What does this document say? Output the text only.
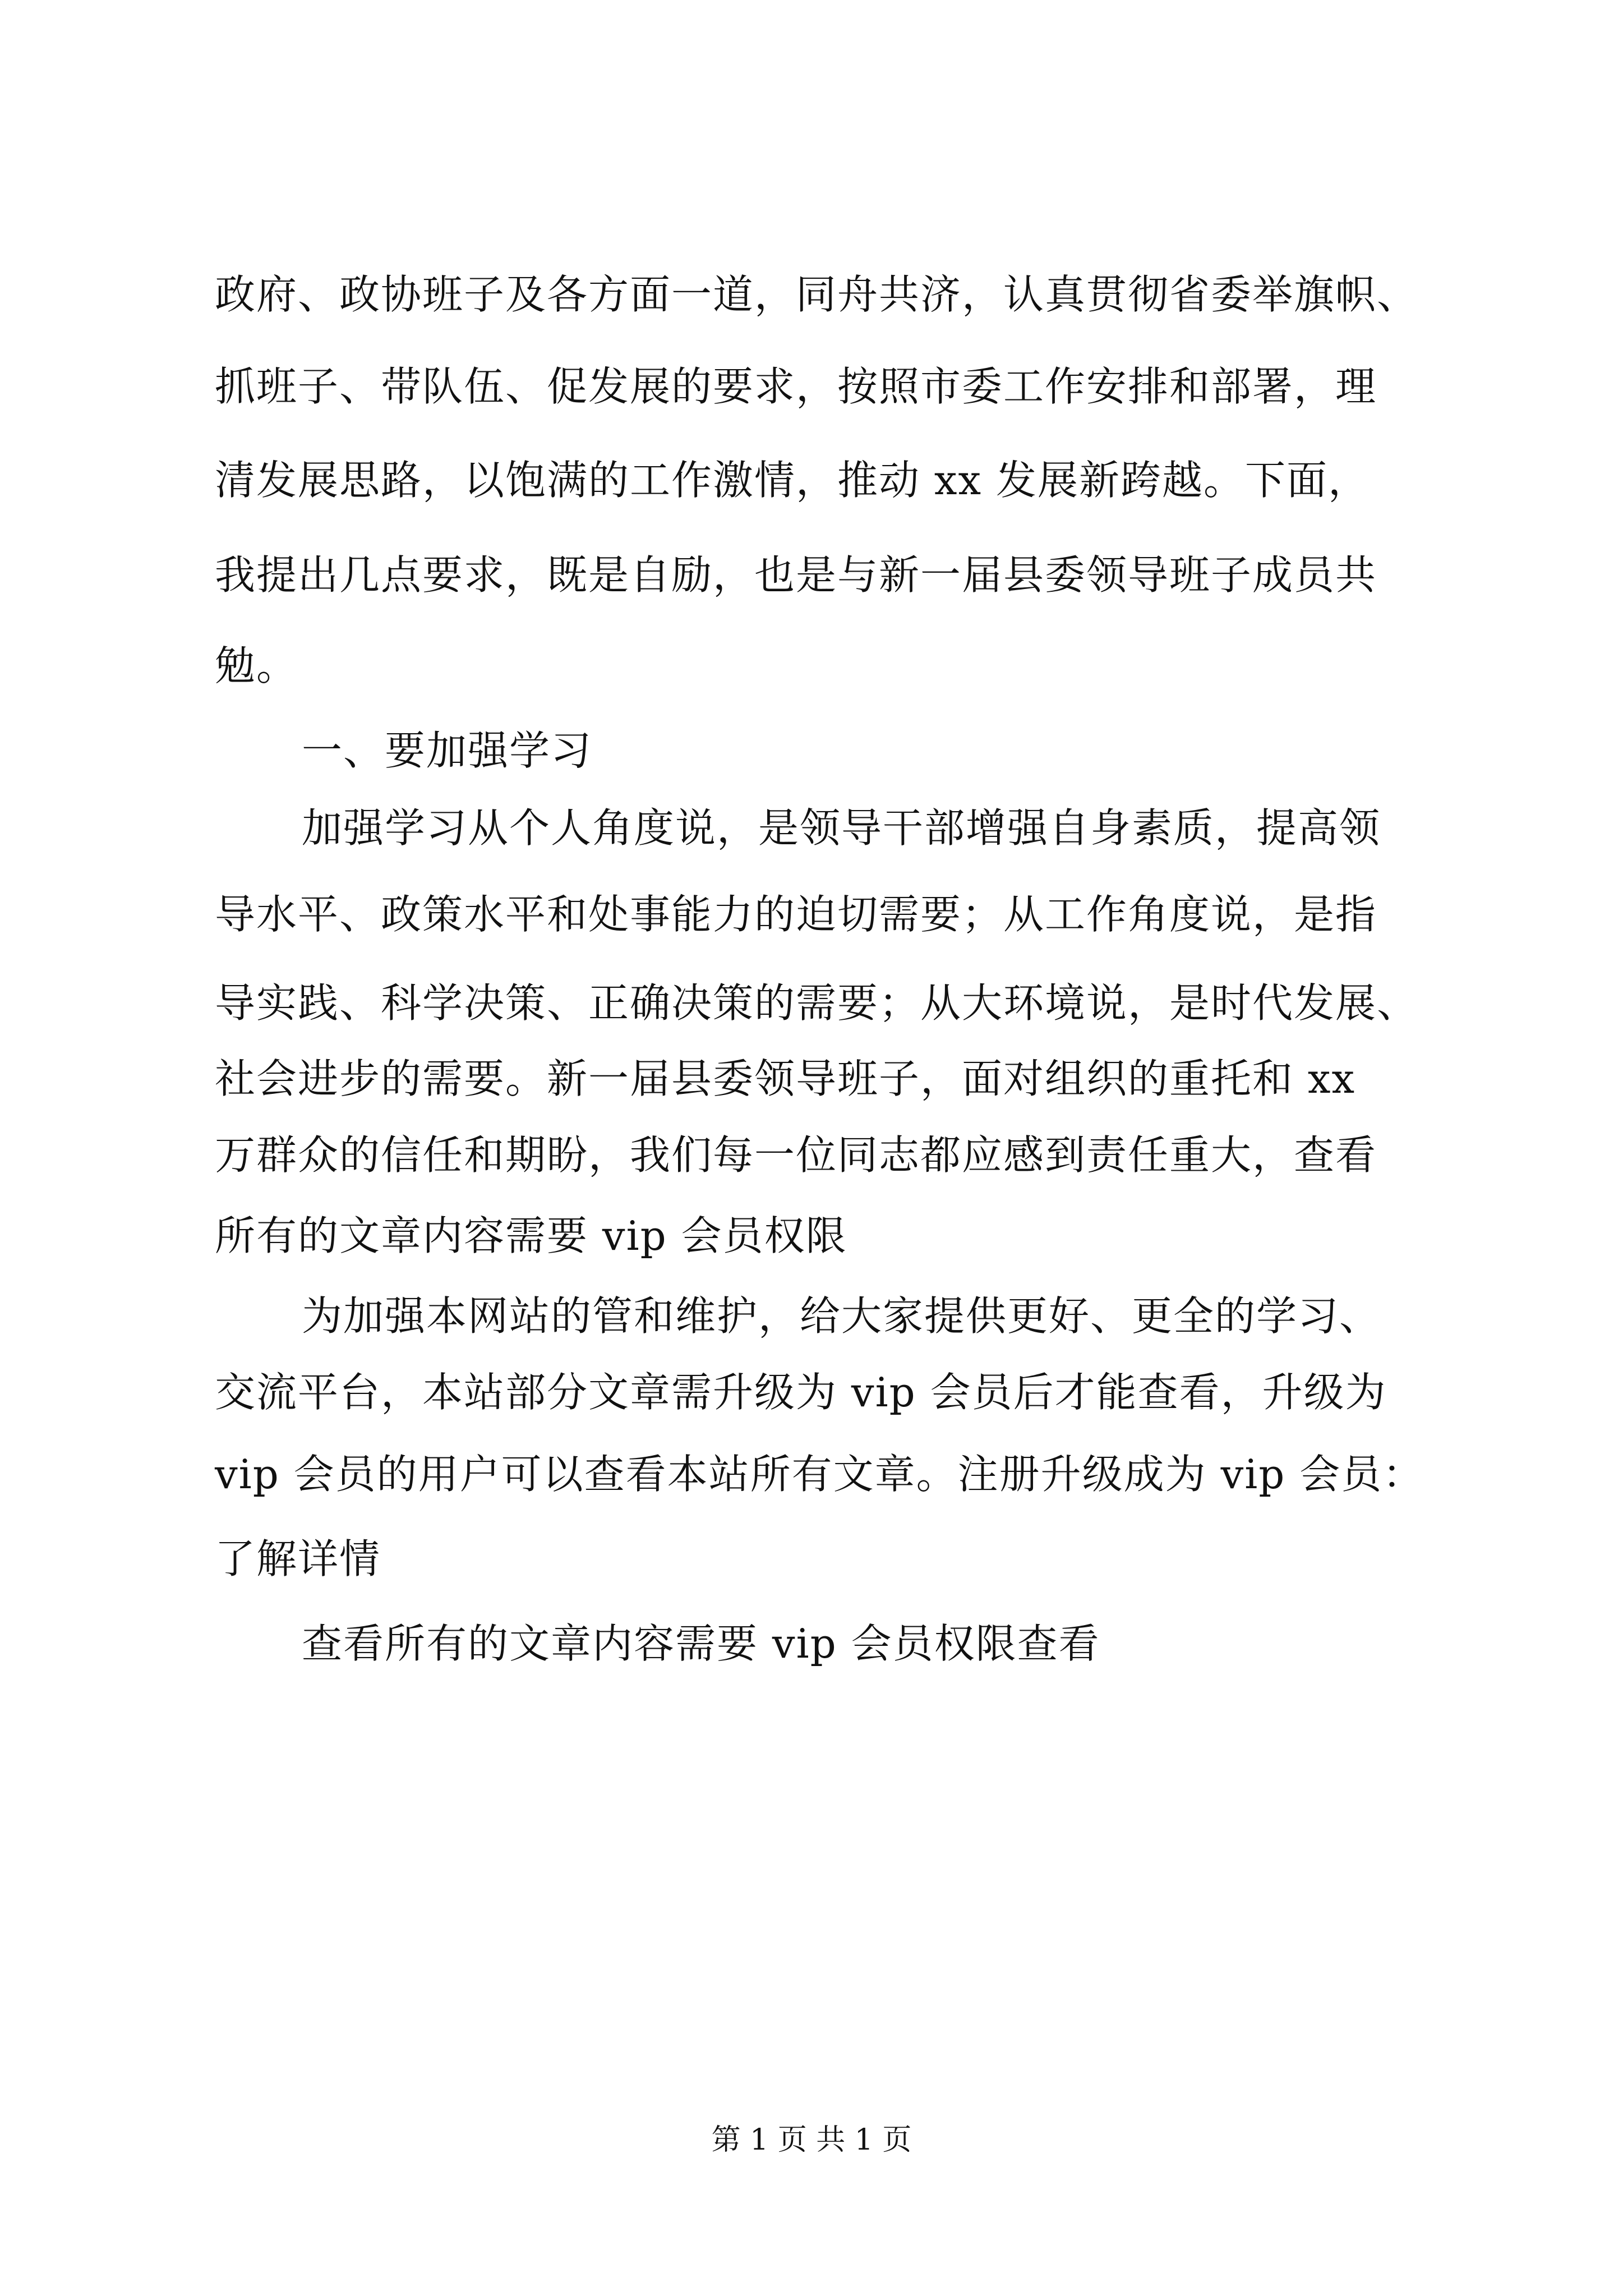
政府、政协班子及各方面一道，同舟共济，认真贯彻省委举旗帜、
抓班子、带队伍、促发展的要求，按照市委工作安排和部署，理
清发展思路，以饱满的工作激情，推动 xx 发展新跨越。下面，
我提出几点要求，既是自励，也是与新一届县委领导班子成员共
勉。
一、要加强学习
加强学习从个人角度说，是领导干部增强自身素质，提高领
导水平、政策水平和处事能力的迫切需要；从工作角度说，是指
导实践、科学决策、正确决策的需要；从大环境说，是时代发展、
社会进步的需要。新一届县委领导班子，面对组织的重托和 xx
万群众的信任和期盼，我们每一位同志都应感到责任重大，查看
所有的文章内容需要 vip 会员权限
为加强本网站的管和维护，给大家提供更好、更全的学习、
交流平台，本站部分文章需升级为 vip 会员后才能查看，升级为
vip 会员的用户可以查看本站所有文章。注册升级成为 vip 会员：
了解详情
查看所有的文章内容需要 vip 会员权限查看
第 1 页 共 1 页
